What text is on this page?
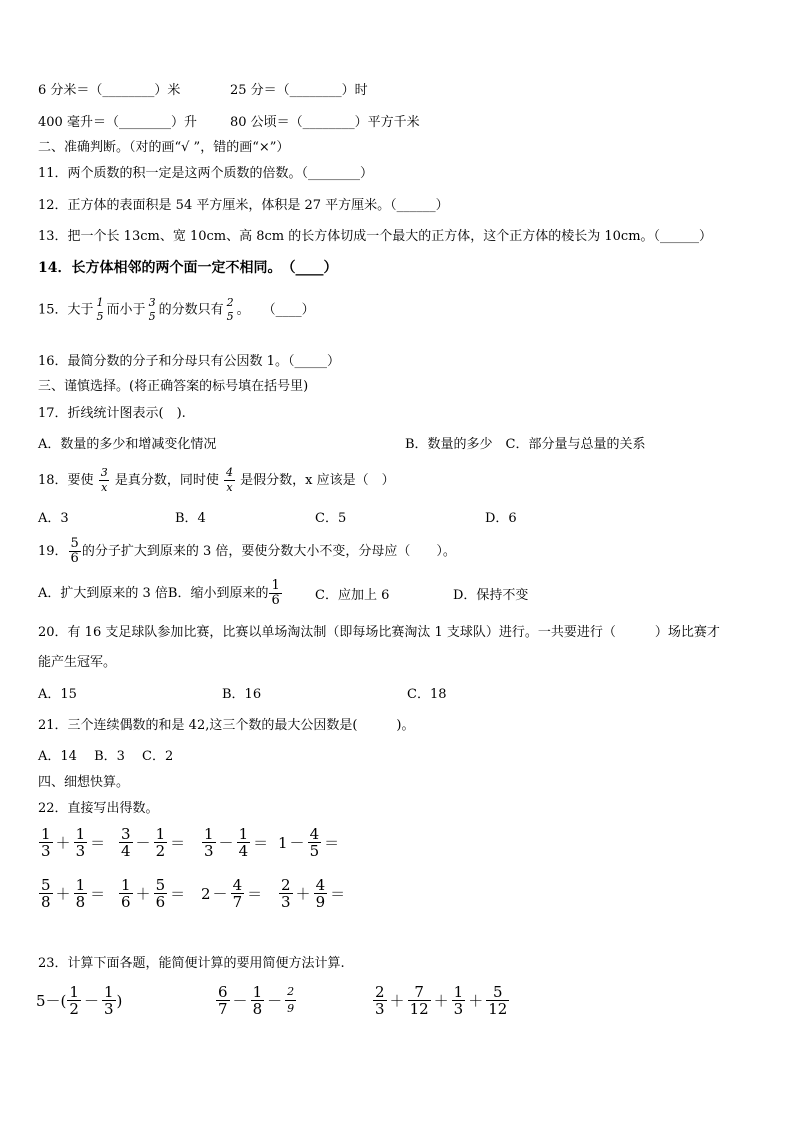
6 分米＝（________）米	25 分＝（________）时
400 毫升＝（________）升	80 公顷＝（________）平方千米
二、准确判断。（对的画“√ ”，错的画“×”）
11．两个质数的积一定是这两个质数的倍数。（________）
12．正方体的表面积是 54 平方厘米，体积是 27 平方厘米。（______）
13．把一个长 13cm、宽 10cm、高 8cm 的长方体切成一个最大的正方体，这个正方体的棱长为 10cm。（______）
14．长方体相邻的两个面一定不相同。　（____）
15．大于 1
5 而小于 3
5 的分数只有 2
5 。　　（____）
16．最简分数的分子和分母只有公因数 1。（_____）
三、谨慎选择。(将正确答案的标号填在括号里)
17．折线统计图表示(　).
A．数量的多少和增减变化情况	B．数量的多少　C．部分量与总量的关系
18．要使 $\frac{3}{x}$ 是真分数，同时使 $\frac{4}{x}$ 是假分数，x 应该是（　）
A．3	B．4	C．5	D．6
19． $\frac{5}{6}$ 的分子扩大到原来的 3 倍，要使分数大小不变，分母应（　　）。
A．扩大到原来的 3 倍B．缩小到原来的 $\frac{1}{6}$	C．应加上 6	D．保持不变
20．有 16 支足球队参加比赛，比赛以单场淘汰制（即每场比赛淘汰 1 支球队）进行。一共要进行（　　　）场比赛才
能产生冠军。
A．15	B．16	C．18
21．三个连续偶数的和是 42,这三个数的最大公因数是(　　　)。
A．14　 B．3　 C．2
四、细想快算。
22．直接写出得数。
$\frac{1}{3} + \frac{1}{3} = \frac{3}{4} - \frac{1}{2} = \frac{1}{3} - \frac{1}{4} = 1 - \frac{4}{5}$ ＝
$\frac{5}{8} + \frac{1}{8} = \frac{1}{6} + \frac{5}{6} = 2 - \frac{4}{7} = \frac{2}{3} + \frac{4}{9}$ ＝
23．计算下面各题，能简便计算的要用简便方法计算.
$5-( \frac{1}{2} - \frac{1}{3}$ )	$\frac{6}{7} - \frac{1}{8} - \frac{2}{9}$	$\frac{2}{3} + \frac{7}{12} + \frac{1}{3} + \frac{5}{12}$
